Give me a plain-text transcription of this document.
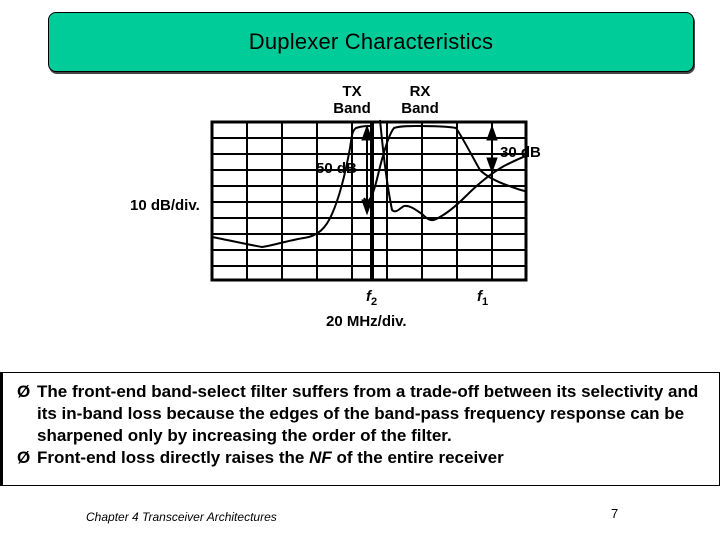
Duplexer Characteristics
TX
Band
RX
Band
50 dB
30 dB
10 dB/div.
20 MHz/div.
$f_2$	$f_1$
Ø The front-end band-select filter suffers from a trade-off between its selectivity and its in-band loss because the edges of the band-pass frequency response can be sharpened only by increasing the order of the filter.
Ø Front-end loss directly raises the NF of the entire receiver
Chapter 4 Transceiver Architectures	7
